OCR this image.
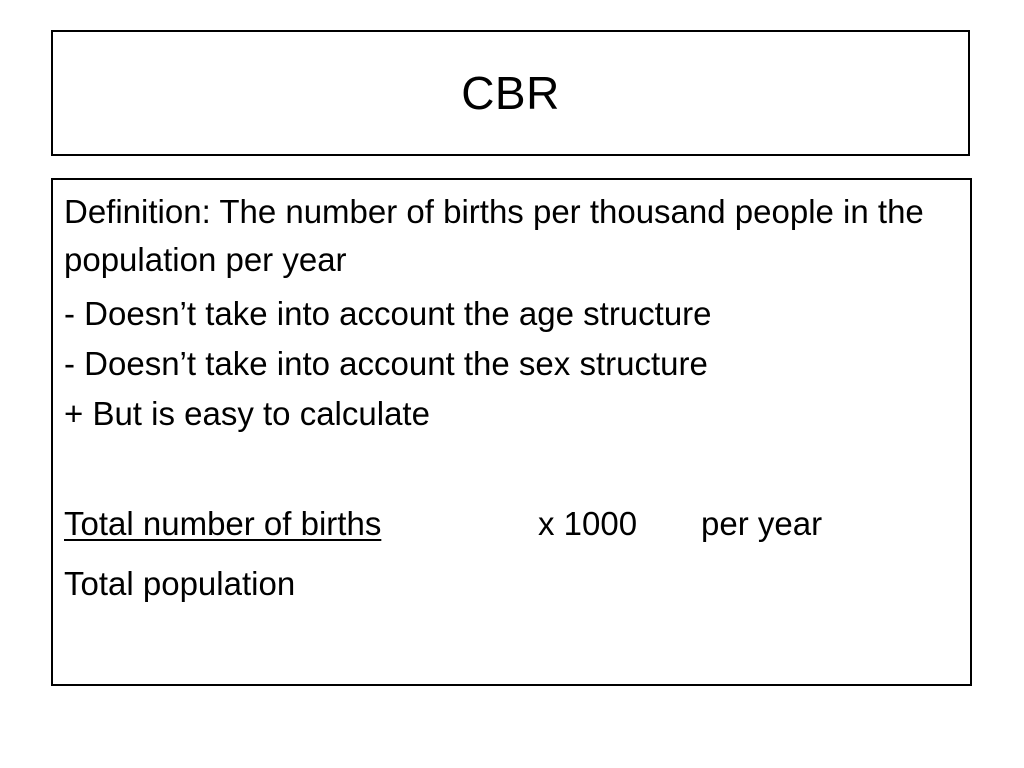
CBR

Definition: The number of births per thousand people in the population per year

- Doesn’t take into account the age structure

- Doesn’t take into account the sex structure

+ But is easy to calculate

Total number of births	x 1000 per year

Total population
